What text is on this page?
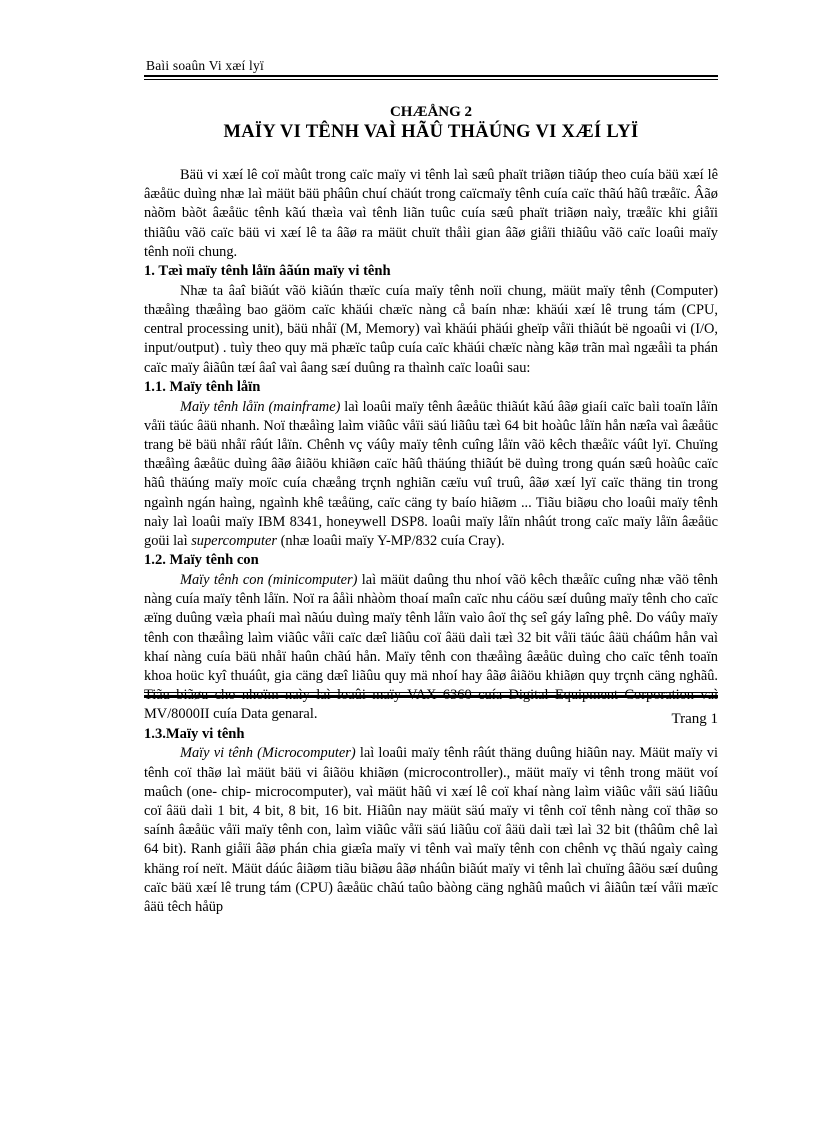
Baìi soaûn Vi xæí lyï
CHÆÅNG 2
MAÏY VI TÊNH VAÌ HÃÛ THÄÚNG VI XÆÍ LYÏ

Bäü vi xæí lê coï màût trong caïc maïy vi tênh laì sæû phaït triãøn tiãúp theo cuía bäü xæí lê âæåüc duìng nhæ laì mäüt bäü phâûn chuí chäút trong caïcmaïy tênh cuía caïc thãú hãû træåïc. Âãø nàõm bàõt âæåüc tênh kãú thæìa vaì tênh liãn tuûc cuía sæû phaït triãøn naìy, træåïc khi giåïi thiãûu vãö caïc bäü vi xæí lê ta âãø ra mäüt chuït thåìi gian âãø giåïi thiãûu vãö caïc loaûi maïy tênh noïi chung.

1. Tæì maïy tênh låïn âãún maïy vi tênh

Nhæ ta âaî biãút vãö kiãún thæïc cuía maïy tênh noïi chung, mäüt maïy tênh (Computer) thæåìng thæåìng bao gäöm caïc khäúi chæïc nàng cå baín nhæ: khäúi xæí lê trung tám (CPU, central processing unit), bäü nhåï (M, Memory) vaì khäúi phäúi ghеïp våïi thiãút bë ngoaûi vi (I/O, input/output) . tuìy theo quy mä phæïc taûp cuía caïc khäúi chæïc nàng kãø trãn maì ngæåìi ta phán caïc maïy âiãûn tæí âaî vaì âang sæí duûng ra thaình caïc loaûi sau:

1.1. Maïy tênh låïn

Maïy tênh låïn (mainframe) laì loaûi maïy tênh âæåüc thiãút kãú âãø giaíi caïc baìi toaïn låïn våïi täúc âäü nhanh. Noï thæåìng laìm viãûc våïi säú liãûu tæì 64 bit hoàûc låïn hån næîa vaì âæåüc trang bë bäü nhåï râút låïn. Chênh vç váûy maïy tênh cuîng låïn vãö kêch thæåïc váût lyï. Chuïng thæåìng âæåüc duìng âãø âiãöu khiãøn caïc hãû thäúng thiãút bë duìng trong quán sæû hoàûc caïc hãû thäúng maïy moïc cuía chæång trçnh nghiãn cæïu vuî truû, âãø xæí lyï caïc thäng tin trong ngaình ngán haìng, ngaình khê tæåüng, caïc cäng ty baío hiãøm ... Tiãu biãøu cho loaûi maïy tênh naìy laì loaûi maïy IBM 8341, honeywell DSP8. loaûi maïy låïn nhâút trong caïc maïy låïn âæåüc goüi laì supercomputer (nhæ loaûi maïy Y-MP/832 cuía Cray).

1.2. Maïy tênh con

Maïy tênh con (minicomputer) laì mäüt daûng thu nhoí vãö kêch thæåïc cuîng nhæ vãö tênh nàng cuía maïy tênh låïn. Noï ra âåìi nhàòm thoaí maîn caïc nhu cáöu sæí duûng maïy tênh cho caïc æïng duûng væìa phaíi maì nãúu duìng maïy tênh låïn vaìo âoï thç seî gáy laîng phê. Do váûy maïy tênh con thæåìng laìm viãûc våïi caïc dæî liãûu coï âäü daìi tæì 32 bit våïi täúc âäü cháûm hån vaì khaí nàng cuía bäü nhåï haûn chãú hån. Maïy tênh con thæåìng âæåüc duìng cho caïc tênh toaïn khoa hoüc kyî thuáût, gia cäng dæî liãûu quy mä nhoí hay âãø âiãöu khiãøn quy trçnh cäng nghãû. Tiãu biãøu cho nhoïm naìy laì loaûi maïy VAX 6360 cuía Digital Equipment Corporation vaì MV/8000II cuía Data genaral.

1.3.Maïy vi tênh

Maïy vi tênh (Microcomputer) laì loaûi maïy tênh râút thäng duûng hiãûn nay. Mäüt maïy vi tênh coï thãø laì mäüt bäü vi âiãöu khiãøn (microcontroller)., mäüt maïy vi tênh trong mäüt voí maûch (one- chip- microcomputer), vaì mäüt hãû vi xæí lê coï khaí nàng laìm viãûc våïi säú liãûu coï âäü daìi 1 bit, 4 bit, 8 bit, 16 bit. Hiãûn nay mäüt säú maïy vi tênh coï tênh nàng coï thãø so saính âæåüc våïi maïy tênh con, laìm viãûc våïi säú liãûu coï âäü daìi tæì laì 32 bit (thâûm chê laì 64 bit). Ranh giåïi âãø phán chia giæîa maïy vi tênh vaì maïy tênh con chênh vç thãú ngaìy caìng khäng roí neït. Mäüt dáúc âiãøm tiãu biãøu âãø nháûn biãút maïy vi tênh laì chuïng âãöu sæí duûng caïc bäü xæí lê trung tám (CPU) âæåüc chãú taûo bàòng cäng nghãû maûch vi âiãûn tæí våïi mæïc âäü têch håüp

Trang 1
